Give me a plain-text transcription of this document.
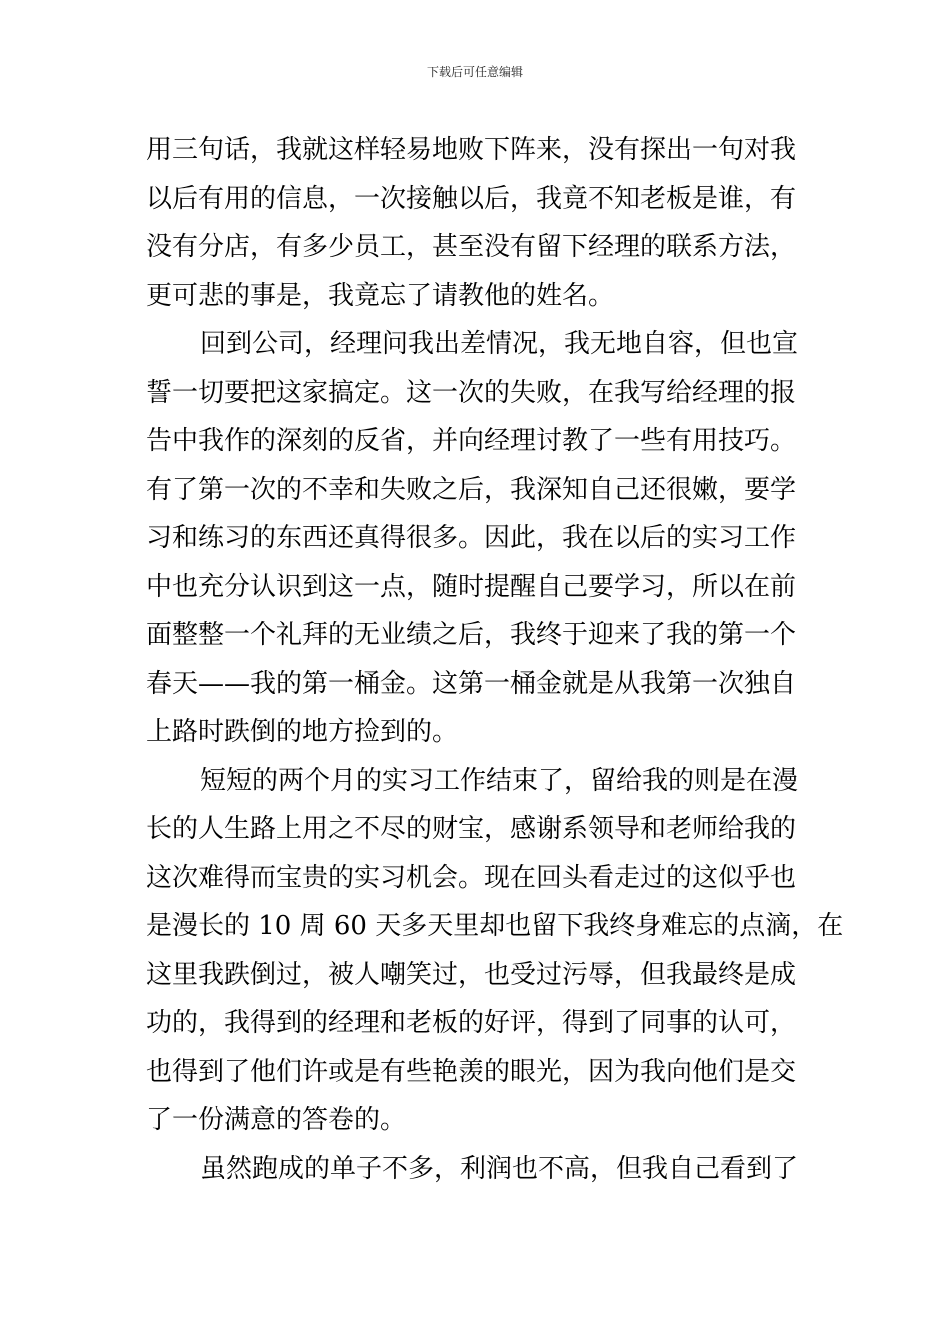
下载后可任意编辑
用三句话，我就这样轻易地败下阵来，没有探出一句对我
以后有用的信息，一次接触以后，我竟不知老板是谁，有
没有分店，有多少员工，甚至没有留下经理的联系方法，
更可悲的事是，我竟忘了请教他的姓名。
回到公司，经理问我出差情况，我无地自容，但也宣
誓一切要把这家搞定。这一次的失败，在我写给经理的报
告中我作的深刻的反省，并向经理讨教了一些有用技巧。
有了第一次的不幸和失败之后，我深知自己还很嫩，要学
习和练习的东西还真得很多。因此，我在以后的实习工作
中也充分认识到这一点，随时提醒自己要学习，所以在前
面整整一个礼拜的无业绩之后，我终于迎来了我的第一个
春天——我的第一桶金。这第一桶金就是从我第一次独自
上路时跌倒的地方捡到的。
短短的两个月的实习工作结束了，留给我的则是在漫
长的人生路上用之不尽的财宝，感谢系领导和老师给我的
这次难得而宝贵的实习机会。现在回头看走过的这似乎也
是漫长的 10 周 60 天多天里却也留下我终身难忘的点滴，在
这里我跌倒过，被人嘲笑过，也受过污辱，但我最终是成
功的，我得到的经理和老板的好评，得到了同事的认可，
也得到了他们许或是有些艳羡的眼光，因为我向他们是交
了一份满意的答卷的。
虽然跑成的单子不多，利润也不高，但我自己看到了
